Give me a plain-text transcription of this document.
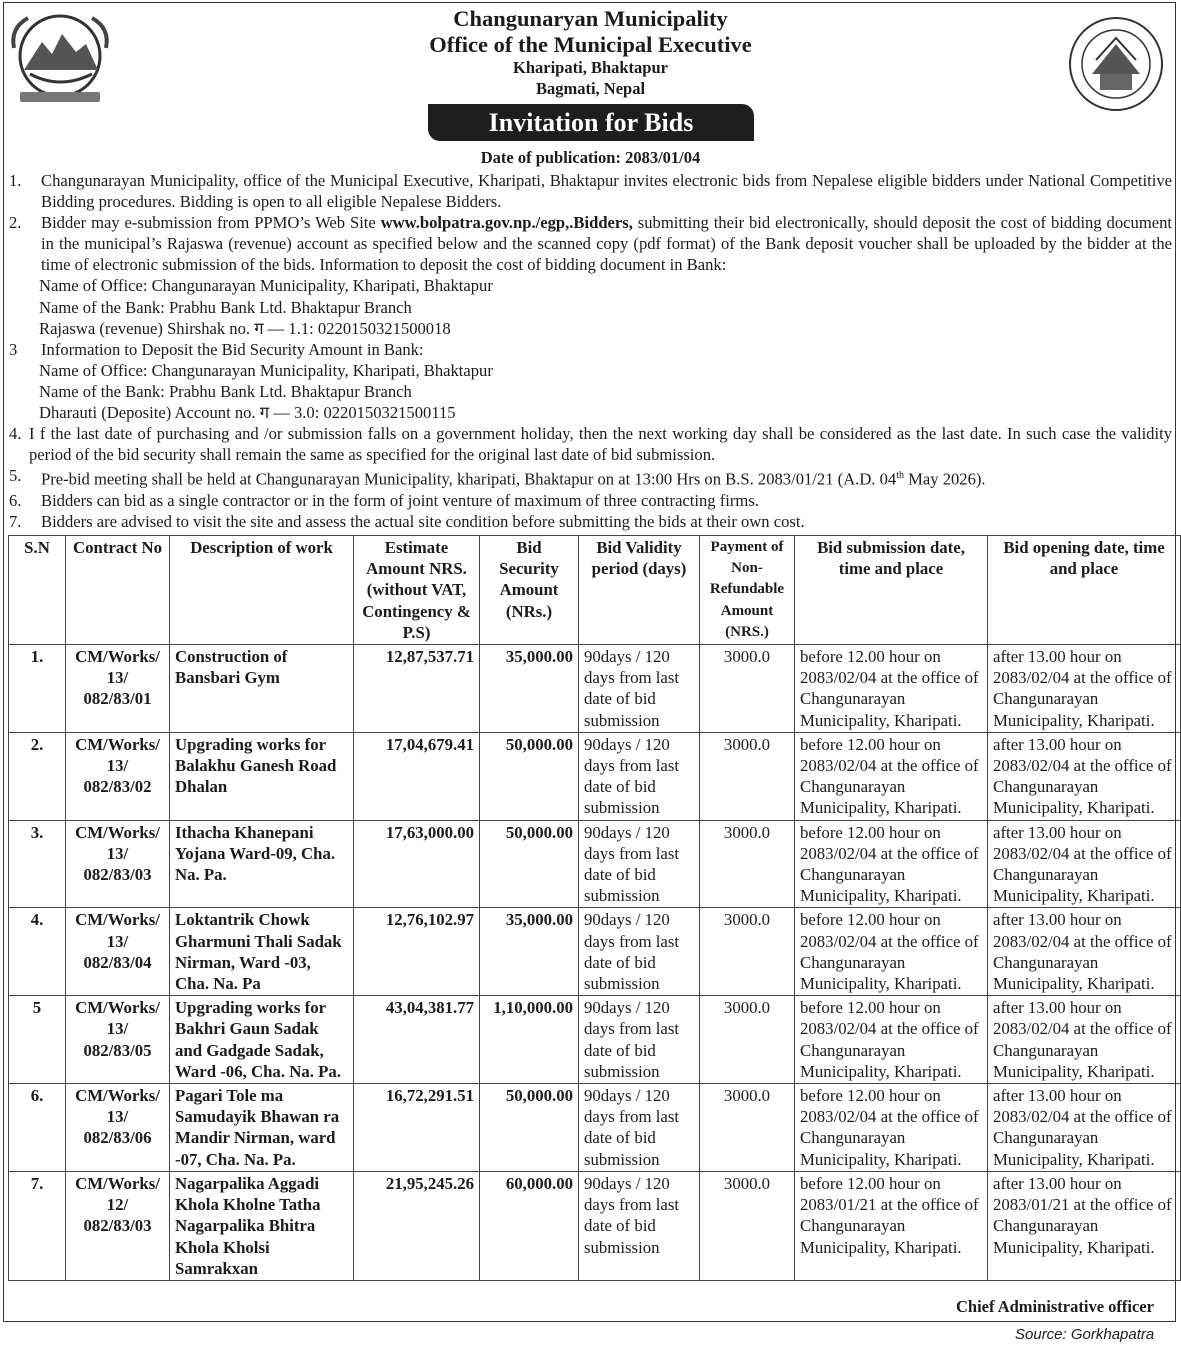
Changunaryan Municipality
Office of the Municipal Executive
Kharipati, Bhaktapur
Bagmati, Nepal
Invitation for Bids
Date of publication: 2083/01/04
1.	Changunarayan Municipality, office of the Municipal Executive, Kharipati, Bhaktapur invites electronic bids from Nepalese eligible bidders under National Competitive Bidding procedures. Bidding is open to all eligible Nepalese Bidders.
2.	Bidder may e-submission from PPMO’s Web Site www.bolpatra.gov.np./egp,.Bidders, submitting their bid electronically, should deposit the cost of bidding document in the municipal’s Rajaswa (revenue) account as specified below and the scanned copy (pdf format) of the Bank deposit voucher shall be uploaded by the bidder at the time of electronic submission of the bids. Information to deposit the cost of bidding document in Bank:
Name of Office: Changunarayan Municipality, Kharipati, Bhaktapur
Name of the Bank: Prabhu Bank Ltd. Bhaktapur Branch
Rajaswa (revenue) Shirshak no. ग — 1.1: 0220150321500018
3	Information to Deposit the Bid Security Amount in Bank:
Name of Office: Changunarayan Municipality, Kharipati, Bhaktapur
Name of the Bank: Prabhu Bank Ltd. Bhaktapur Branch
Dharauti (Deposite) Account no. ग — 3.0: 0220150321500115
4. I f the last date of purchasing and /or submission falls on a government holiday, then the next working day shall be considered as the last date. In such case the validity period of the bid security shall remain the same as specified for the original last date of bid submission.
5.	Pre-bid meeting shall be held at Changunarayan Municipality, kharipati, Bhaktapur on at 13:00 Hrs on B.S. 2083/01/21 (A.D. 04th May 2026).
6.	Bidders can bid as a single contractor or in the form of joint venture of maximum of three contracting firms.
7.	Bidders are advised to visit the site and assess the actual site condition before submitting the bids at their own cost.
S.N	Contract No	Description of work	Estimate Amount NRS. (without VAT, Contingency & P.S)	Bid Security Amount (NRs.)	Bid Validity period (days)	Payment of Non-Refundable Amount (NRS.)	Bid submission date, time and place	Bid opening date, time and place
1.	CM/Works/ 13/ 082/83/01	Construction of Bansbari Gym	12,87,537.71	35,000.00	90days / 120 days from last date of bid submission	3000.0	before 12.00 hour on 2083/02/04 at the office of Changunarayan Municipality, Kharipati.	after 13.00 hour on 2083/02/04 at the office of Changunarayan Municipality, Kharipati.
2.	CM/Works/ 13/ 082/83/02	Upgrading works for Balakhu Ganesh Road Dhalan	17,04,679.41	50,000.00	90days / 120 days from last date of bid submission	3000.0	before 12.00 hour on 2083/02/04 at the office of Changunarayan Municipality, Kharipati.	after 13.00 hour on 2083/02/04 at the office of Changunarayan Municipality, Kharipati.
3.	CM/Works/ 13/ 082/83/03	Ithacha Khanepani Yojana Ward-09, Cha. Na. Pa.	17,63,000.00	50,000.00	90days / 120 days from last date of bid submission	3000.0	before 12.00 hour on 2083/02/04 at the office of Changunarayan Municipality, Kharipati.	after 13.00 hour on 2083/02/04 at the office of Changunarayan Municipality, Kharipati.
4.	CM/Works/ 13/ 082/83/04	Loktantrik Chowk Gharmuni Thali Sadak Nirman, Ward -03, Cha. Na. Pa	12,76,102.97	35,000.00	90days / 120 days from last date of bid submission	3000.0	before 12.00 hour on 2083/02/04 at the office of Changunarayan Municipality, Kharipati.	after 13.00 hour on 2083/02/04 at the office of Changunarayan Municipality, Kharipati.
5	CM/Works/ 13/ 082/83/05	Upgrading works for Bakhri Gaun Sadak and Gadgade Sadak, Ward -06, Cha. Na. Pa.	43,04,381.77	1,10,000.00	90days / 120 days from last date of bid submission	3000.0	before 12.00 hour on 2083/02/04 at the office of Changunarayan Municipality, Kharipati.	after 13.00 hour on 2083/02/04 at the office of Changunarayan Municipality, Kharipati.
6.	CM/Works/ 13/ 082/83/06	Pagari Tole ma Samudayik Bhawan ra Mandir Nirman, ward -07, Cha. Na. Pa.	16,72,291.51	50,000.00	90days / 120 days from last date of bid submission	3000.0	before 12.00 hour on 2083/02/04 at the office of Changunarayan Municipality, Kharipati.	after 13.00 hour on 2083/02/04 at the office of Changunarayan Municipality, Kharipati.
7.	CM/Works/ 12/ 082/83/03	Nagarpalika Aggadi Khola Kholne Tatha Nagarpalika Bhitra Khola Kholsi Samrakxan	21,95,245.26	60,000.00	90days / 120 days from last date of bid submission	3000.0	before 12.00 hour on 2083/01/21 at the office of Changunarayan Municipality, Kharipati.	after 13.00 hour on 2083/01/21 at the office of Changunarayan Municipality, Kharipati.
Chief Administrative officer
Source: Gorkhapatra
